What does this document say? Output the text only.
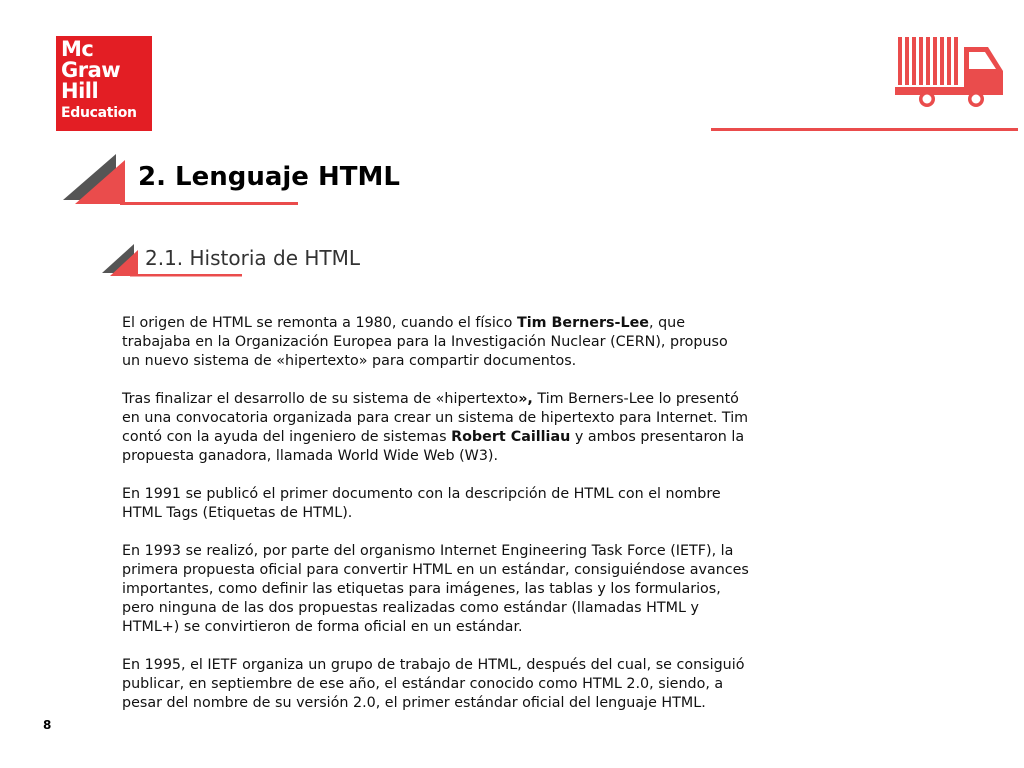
Mc
Graw
Hill
Education
2. Lenguaje HTML
2.1. Historia de HTML

El origen de HTML se remonta a 1980, cuando el físico Tim Berners-Lee, que
trabajaba en la Organización Europea para la Investigación Nuclear (CERN), propuso
un nuevo sistema de «hipertexto» para compartir documentos.

Tras finalizar el desarrollo de su sistema de «hipertexto», Tim Berners-Lee lo presentó
en una convocatoria organizada para crear un sistema de hipertexto para Internet. Tim
contó con la ayuda del ingeniero de sistemas Robert Cailliau y ambos presentaron la
propuesta ganadora, llamada World Wide Web (W3).

En 1991 se publicó el primer documento con la descripción de HTML con el nombre
HTML Tags (Etiquetas de HTML).

En 1993 se realizó, por parte del organismo Internet Engineering Task Force (IETF), la
primera propuesta oficial para convertir HTML en un estándar, consiguiéndose avances
importantes, como definir las etiquetas para imágenes, las tablas y los formularios,
pero ninguna de las dos propuestas realizadas como estándar (llamadas HTML y
HTML+) se convirtieron de forma oficial en un estándar.

En 1995, el IETF organiza un grupo de trabajo de HTML, después del cual, se consiguió
publicar, en septiembre de ese año, el estándar conocido como HTML 2.0, siendo, a
pesar del nombre de su versión 2.0, el primer estándar oficial del lenguaje HTML.

8
